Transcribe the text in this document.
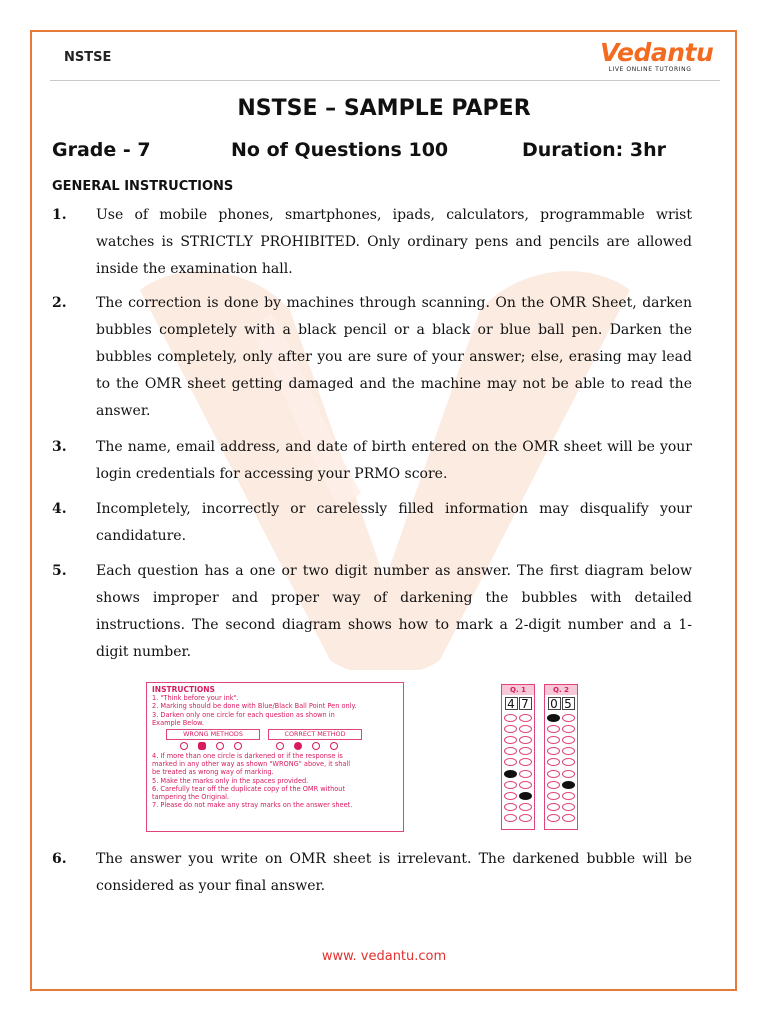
NSTSE	Vedantu
LIVE ONLINE TUTORING
NSTSE – SAMPLE PAPER
Grade - 7	No of Questions 100	Duration: 3hr
GENERAL INSTRUCTIONS
1. Use of mobile phones, smartphones, ipads, calculators, programmable wrist watches is STRICTLY PROHIBITED. Only ordinary pens and pencils are allowed inside the examination hall.
2. The correction is done by machines through scanning. On the OMR Sheet, darken bubbles completely with a black pencil or a black or blue ball pen. Darken the bubbles completely, only after you are sure of your answer; else, erasing may lead to the OMR sheet getting damaged and the machine may not be able to read the answer.
3. The name, email address, and date of birth entered on the OMR sheet will be your login credentials for accessing your PRMO score.
4. Incompletely, incorrectly or carelessly filled information may disqualify your candidature.
5. Each question has a one or two digit number as answer. The first diagram below shows improper and proper way of darkening the bubbles with detailed instructions. The second diagram shows how to mark a 2-digit number and a 1-digit number.
INSTRUCTIONS

1. "Think before your ink".

2. Marking should be done with Blue/Black Ball Point Pen only.

3. Darken only one circle for each question as shown in

Example Below.

WRONG METHODS	CORRECT METHOD

4. If more than one circle is darkened or if the response is

marked in any other way as shown "WRONG" above, it shall

be treated as wrong way of marking.

5. Make the marks only in the spaces provided.

6. Carefully tear off the duplicate copy of the OMR without

tampering the Original.

7. Please do not make any stray marks on the answer sheet.

Q. 1
4 7
Q. 2
0 5
6. The answer you write on OMR sheet is irrelevant. The darkened bubble will be considered as your final answer.
www. vedantu.com
